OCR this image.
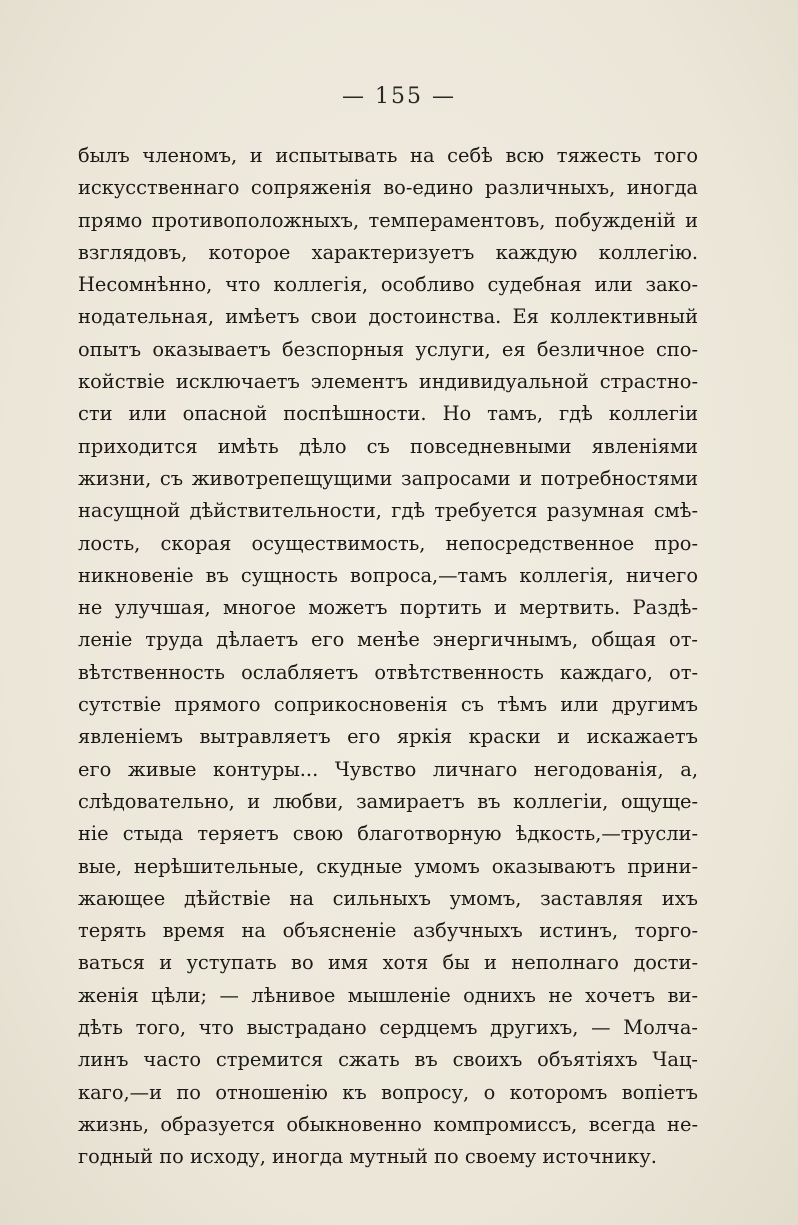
— 155 —
былъ членомъ, и испытывать на себѣ всю тяжесть того
искусственнаго сопряженія во-едино различныхъ, иногда
прямо противоположныхъ, темпераментовъ, побужденій и
взглядовъ, которое характеризуетъ каждую коллегію.
Несомнѣнно, что коллегія, особливо судебная или зако-
нодательная, имѣетъ свои достоинства. Ея коллективный
опытъ оказываетъ безспорныя услуги, ея безличное спо-
койствіе исключаетъ элементъ индивидуальной страстно-
сти или опасной поспѣшности. Но тамъ, гдѣ коллегіи
приходится имѣть дѣло съ повседневными явленіями
жизни, съ животрепещущими запросами и потребностями
насущной дѣйствительности, гдѣ требуется разумная смѣ-
лость, скорая осуществимость, непосредственное про-
никновеніе въ сущность вопроса,—тамъ коллегія, ничего
не улучшая, многое можетъ портить и мертвить. Раздѣ-
леніе труда дѣлаетъ его менѣе энергичнымъ, общая от-
вѣтственность ослабляетъ отвѣтственность каждаго, от-
сутствіе прямого соприкосновенія съ тѣмъ или другимъ
явленіемъ вытравляетъ его яркія краски и искажаетъ
его живые контуры... Чувство личнаго негодованія, а,
слѣдовательно, и любви, замираетъ въ коллегіи, ощуще-
ніе стыда теряетъ свою благотворную ѣдкость,—трусли-
вые, нерѣшительные, скудные умомъ оказываютъ прини-
жающее дѣйствіе на сильныхъ умомъ, заставляя ихъ
терять время на объясненіе азбучныхъ истинъ, торго-
ваться и уступать во имя хотя бы и неполнаго дости-
женія цѣли; — лѣнивое мышленіе однихъ не хочетъ ви-
дѣть того, что выстрадано сердцемъ другихъ, — Молча-
линъ часто стремится сжать въ своихъ объятіяхъ Чац-
каго,—и по отношенію къ вопросу, о которомъ вопіетъ
жизнь, образуется обыкновенно компромиссъ, всегда не-
годный по исходу, иногда мутный по своему источнику.
